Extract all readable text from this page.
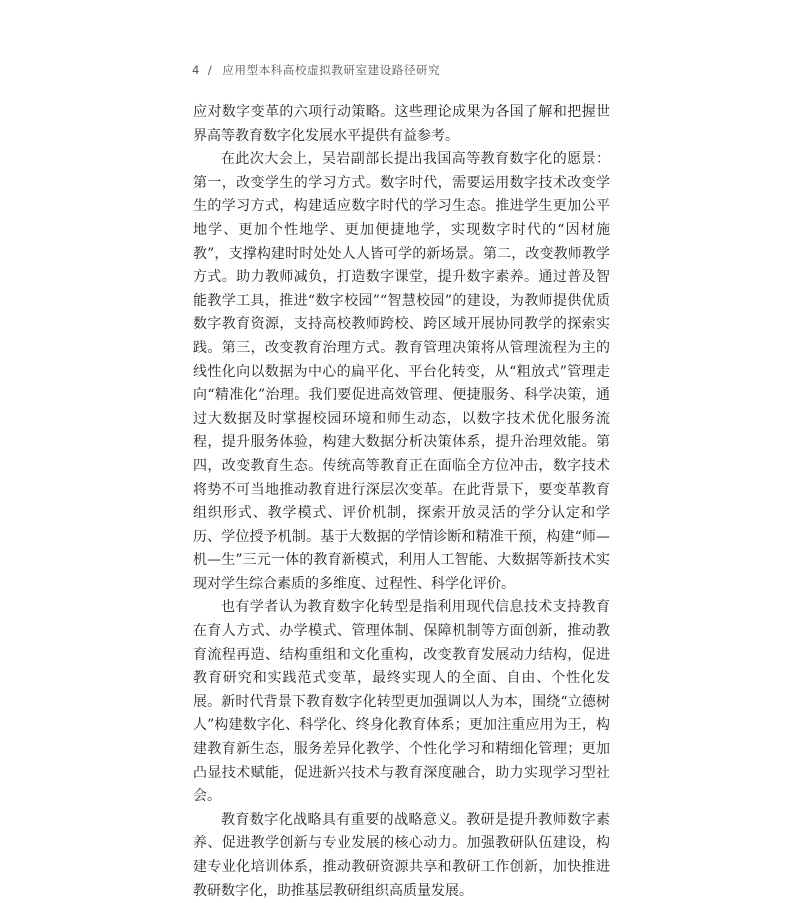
4 / 应用型本科高校虚拟教研室建设路径研究

应对数字变革的六项行动策略。这些理论成果为各国了解和把握世界高等教育数字化发展水平提供有益参考。

在此次大会上，吴岩副部长提出我国高等教育数字化的愿景：第一，改变学生的学习方式。数字时代，需要运用数字技术改变学生的学习方式，构建适应数字时代的学习生态。推进学生更加公平地学、更加个性地学、更加便捷地学，实现数字时代的“因材施教”，支撑构建时时处处人人皆可学的新场景。第二，改变教师教学方式。助力教师减负，打造数字课堂，提升数字素养。通过普及智能教学工具，推进“数字校园”“智慧校园”的建设，为教师提供优质数字教育资源，支持高校教师跨校、跨区域开展协同教学的探索实践。第三，改变教育治理方式。教育管理决策将从管理流程为主的线性化向以数据为中心的扁平化、平台化转变，从“粗放式”管理走向“精准化”治理。我们要促进高效管理、便捷服务、科学决策，通过大数据及时掌握校园环境和师生动态，以数字技术优化服务流程，提升服务体验，构建大数据分析决策体系，提升治理效能。第四，改变教育生态。传统高等教育正在面临全方位冲击，数字技术将势不可当地推动教育进行深层次变革。在此背景下，要变革教育组织形式、教学模式、评价机制，探索开放灵活的学分认定和学历、学位授予机制。基于大数据的学情诊断和精准干预，构建“师—机—生”三元一体的教育新模式，利用人工智能、大数据等新技术实现对学生综合素质的多维度、过程性、科学化评价。

也有学者认为教育数字化转型是指利用现代信息技术支持教育在育人方式、办学模式、管理体制、保障机制等方面创新，推动教育流程再造、结构重组和文化重构，改变教育发展动力结构，促进教育研究和实践范式变革，最终实现人的全面、自由、个性化发展。新时代背景下教育数字化转型更加强调以人为本，围绕“立德树人”构建数字化、科学化、终身化教育体系；更加注重应用为王，构建教育新生态，服务差异化教学、个性化学习和精细化管理；更加凸显技术赋能，促进新兴技术与教育深度融合，助力实现学习型社会。

教育数字化战略具有重要的战略意义。教研是提升教师数字素养、促进教学创新与专业发展的核心动力。加强教研队伍建设，构建专业化培训体系，推动教研资源共享和教研工作创新，加快推进教研数字化，助推基层教研组织高质量发展。
